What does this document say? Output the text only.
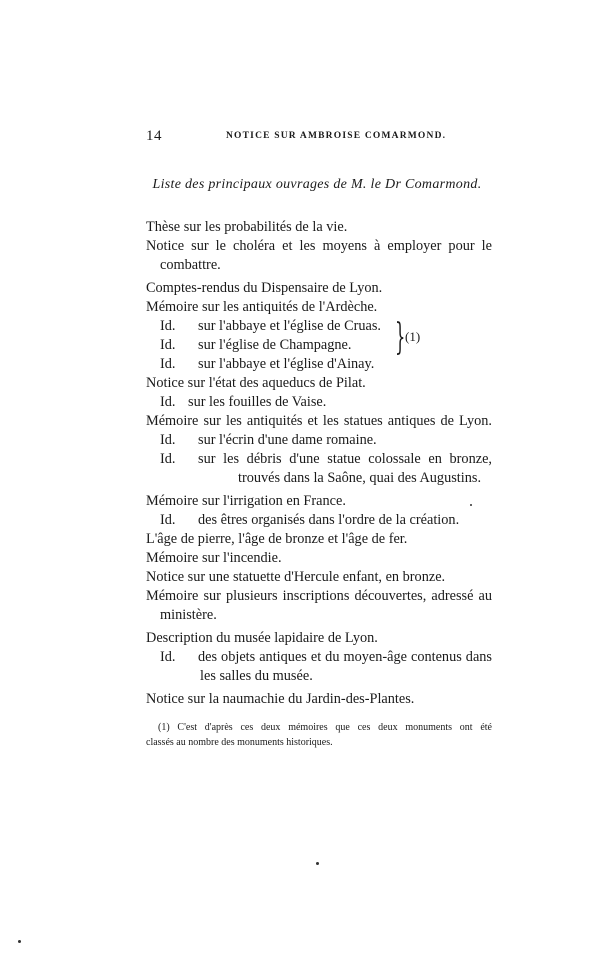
14	NOTICE SUR AMBROISE COMARMOND.
Liste des principaux ouvrages de M. le Dr Comarmond.
Thèse sur les probabilités de la vie.
Notice sur le choléra et les moyens à employer pour le
combattre.
Comptes-rendus du Dispensaire de Lyon.
Mémoire sur les antiquités de l'Ardèche.
Id. sur l'abbaye et l'église de Cruas.
Id. sur l'église de Champagne.
Id. sur l'abbaye et l'église d'Ainay.
Notice sur l'état des aqueducs de Pilat.
Id. sur les fouilles de Vaise.
Mémoire sur les antiquités et les statues antiques de Lyon.
Id. sur l'écrin d'une dame romaine.
Id. sur les débris d'une statue colossale en bronze,
trouvés dans la Saône, quai des Augustins.
Mémoire sur l'irrigation en France.
Id. des êtres organisés dans l'ordre de la création.
L'âge de pierre, l'âge de bronze et l'âge de fer.
Mémoire sur l'incendie.
Notice sur une statuette d'Hercule enfant, en bronze.
Mémoire sur plusieurs inscriptions découvertes, adressé au
ministère.
Description du musée lapidaire de Lyon.
Id. des objets antiques et du moyen-âge contenus dans
les salles du musée.
Notice sur la naumachie du Jardin-des-Plantes.
} (1)
(1) C'est d'après ces deux mémoires que ces deux monuments ont été
classés au nombre des monuments historiques.
